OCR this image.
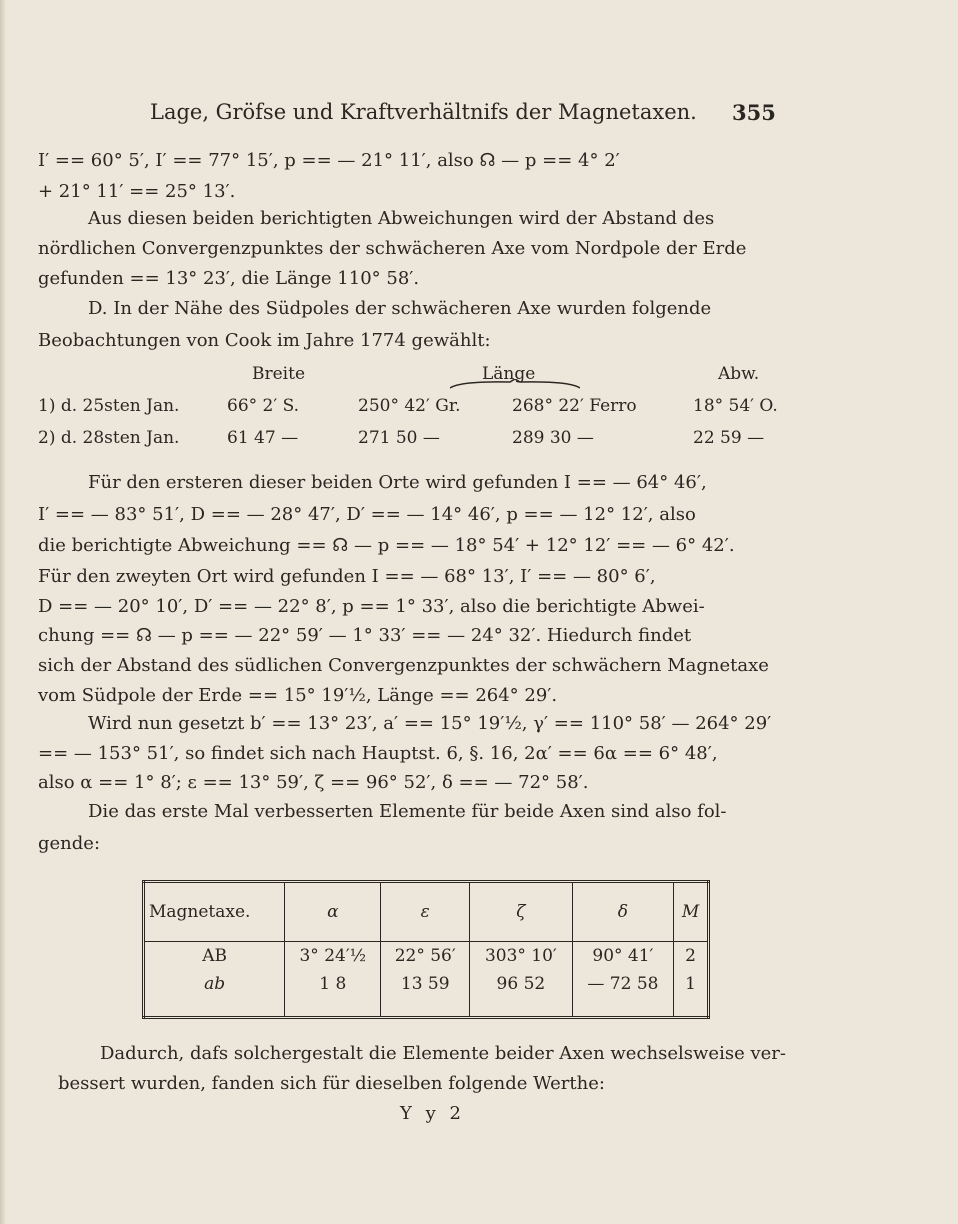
Lage, Gröfse und Kraftverhältnifs der Magnetaxen. 355
I′ == 60° 5′, I′ == 77° 15′, p == — 21° 11′, also ☊ — p == 4° 2′
+ 21° 11′ == 25° 13′.
Aus diesen beiden berichtigten Abweichungen wird der Abstand des
nördlichen Convergenzpunktes der schwächeren Axe vom Nordpole der Erde
gefunden == 13° 23′, die Länge 110° 58′.
D. In der Nähe des Südpoles der schwächeren Axe wurden folgende
Beobachtungen von Cook im Jahre 1774 gewählt:
Breite	Länge	Abw.
1) d. 25sten Jan.	66° 2′ S.	250° 42′ Gr.	268° 22′ Ferro	18° 54′ O.
2) d. 28sten Jan.	61 47 —	271 50 —	289 30 —	22 59 —
Für den ersteren dieser beiden Orte wird gefunden I == — 64° 46′,
I′ == — 83° 51′, D == — 28° 47′, D′ == — 14° 46′, p == — 12° 12′, also
die berichtigte Abweichung == ☊ — p == — 18° 54′ + 12° 12′ == — 6° 42′.
Für den zweyten Ort wird gefunden I == — 68° 13′, I′ == — 80° 6′,
D == — 20° 10′, D′ == — 22° 8′, p == 1° 33′, also die berichtigte Abwei-
chung == ☊ — p == — 22° 59′ — 1° 33′ == — 24° 32′. Hiedurch findet
sich der Abstand des südlichen Convergenzpunktes der schwächern Magnetaxe
vom Südpole der Erde == 15° 19′½, Länge == 264° 29′.
Wird nun gesetzt b′ == 13° 23′, a′ == 15° 19′½, γ′ == 110° 58′ — 264° 29′
== — 153° 51′, so findet sich nach Hauptst. 6, §. 16, 2α′ == 6α == 6° 48′,
also α == 1° 8′; ε == 13° 59′, ζ == 96° 52′, δ == — 72° 58′.
Die das erste Mal verbesserten Elemente für beide Axen sind also fol-
gende:
Magnetaxe.	α	ε	ζ	δ	M
AB	3° 24′½	22° 56′	303° 10′	90° 41′	2
ab	1 8	13 59	96 52	— 72 58	1
Dadurch, dafs solchergestalt die Elemente beider Axen wechselsweise ver-
bessert wurden, fanden sich für dieselben folgende Werthe:
Y y 2
